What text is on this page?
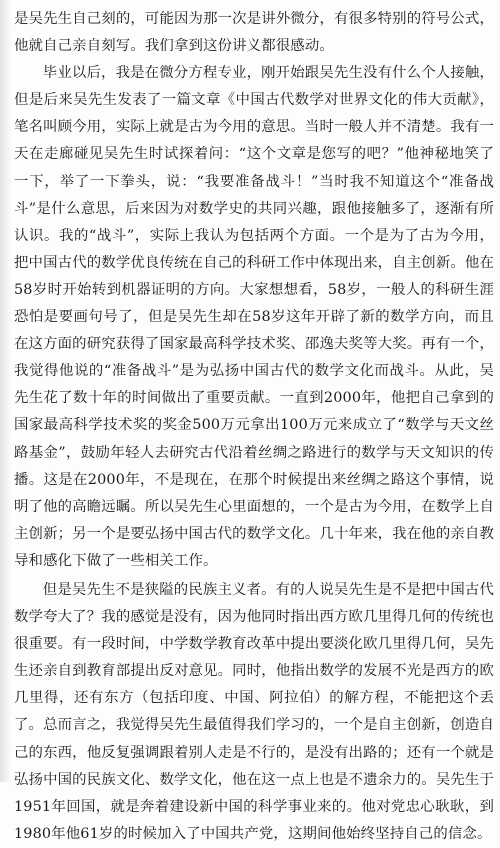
是吴先生自己刻的，可能因为那一次是讲外微分，有很多特别的符号公式，他就自己亲自刻写。我们拿到这份讲义都很感动。

毕业以后，我是在微分方程专业，刚开始跟吴先生没有什么个人接触，但是后来吴先生发表了一篇文章《中国古代数学对世界文化的伟大贡献》，笔名叫顾今用，实际上就是古为今用的意思。当时一般人并不清楚。我有一天在走廊碰见吴先生时试探着问：“这个文章是您写的吧？”他神秘地笑了一下，举了一下拳头，说：“我要准备战斗！”当时我不知道这个“准备战斗”是什么意思，后来因为对数学史的共同兴趣，跟他接触多了，逐渐有所认识。我的“战斗”，实际上我认为包括两个方面。一个是为了古为今用，把中国古代的数学优良传统在自己的科研工作中体现出来，自主创新。他在58岁时开始转到机器证明的方向。大家想想看，58岁，一般人的科研生涯恐怕是要画句号了，但是吴先生却在58岁这年开辟了新的数学方向，而且在这方面的研究获得了国家最高科学技术奖、邵逸夫奖等大奖。再有一个，我觉得他说的“准备战斗”是为弘扬中国古代的数学文化而战斗。从此，吴先生花了数十年的时间做出了重要贡献。一直到2000年，他把自己拿到的国家最高科学技术奖的奖金500万元拿出100万元来成立了“数学与天文丝路基金”，鼓励年轻人去研究古代沿着丝绸之路进行的数学与天文知识的传播。这是在2000年，不是现在，在那个时候提出来丝绸之路这个事情，说明了他的高瞻远瞩。所以吴先生心里面想的，一个是古为今用，在数学上自主创新；另一个是要弘扬中国古代的数学文化。几十年来，我在他的亲自教导和感化下做了一些相关工作。

但是吴先生不是狭隘的民族主义者。有的人说吴先生是不是把中国古代数学夸大了？我的感觉是没有，因为他同时指出西方欧几里得几何的传统也很重要。有一段时间，中学数学教育改革中提出要淡化欧几里得几何，吴先生还亲自到教育部提出反对意见。同时，他指出数学的发展不光是西方的欧几里得，还有东方（包括印度、中国、阿拉伯）的解方程，不能把这个丢了。总而言之，我觉得吴先生最值得我们学习的，一个是自主创新，创造自己的东西，他反复强调跟着别人走是不行的，是没有出路的；还有一个就是弘扬中国的民族文化、数学文化，他在这一点上也是不遗余力的。吴先生于1951年回国，就是奔着建设新中国的科学事业来的。他对党忠心耿耿，到1980年他61岁的时候加入了中国共产党，这期间他始终坚持自己的信念。
